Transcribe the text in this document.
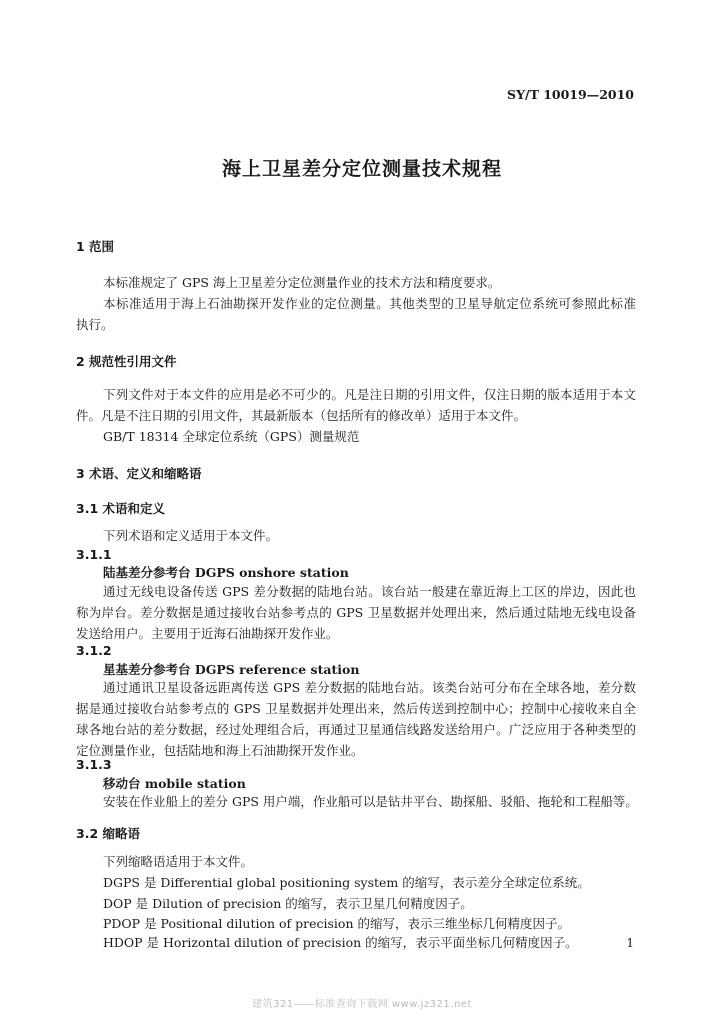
SY/T 10019—2010
海上卫星差分定位测量技术规程
1 范围
本标准规定了 GPS 海上卫星差分定位测量作业的技术方法和精度要求。
本标准适用于海上石油勘探开发作业的定位测量。其他类型的卫星导航定位系统可参照此标准
执行。
2 规范性引用文件
下列文件对于本文件的应用是必不可少的。凡是注日期的引用文件，仅注日期的版本适用于本文
件。凡是不注日期的引用文件，其最新版本（包括所有的修改单）适用于本文件。
GB/T 18314 全球定位系统（GPS）测量规范
3 术语、定义和缩略语
3.1 术语和定义
下列术语和定义适用于本文件。
3.1.1
陆基差分参考台 DGPS onshore station
通过无线电设备传送 GPS 差分数据的陆地台站。该台站一般建在靠近海上工区的岸边，因此也
称为岸台。差分数据是通过接收台站参考点的 GPS 卫星数据并处理出来，然后通过陆地无线电设备
发送给用户。主要用于近海石油勘探开发作业。
3.1.2
星基差分参考台 DGPS reference station
通过通讯卫星设备远距离传送 GPS 差分数据的陆地台站。该类台站可分布在全球各地，差分数
据是通过接收台站参考点的 GPS 卫星数据并处理出来，然后传送到控制中心；控制中心接收来自全
球各地台站的差分数据，经过处理组合后，再通过卫星通信线路发送给用户。广泛应用于各种类型的
定位测量作业，包括陆地和海上石油勘探开发作业。
3.1.3
移动台 mobile station
安装在作业船上的差分 GPS 用户端，作业船可以是钻井平台、勘探船、驳船、拖轮和工程船等。
3.2 缩略语
下列缩略语适用于本文件。
DGPS 是 Differential global positioning system 的缩写，表示差分全球定位系统。
DOP 是 Dilution of precision 的缩写，表示卫星几何精度因子。
PDOP 是 Positional dilution of precision 的缩写，表示三维坐标几何精度因子。
HDOP 是 Horizontal dilution of precision 的缩写，表示平面坐标几何精度因子。	1
建筑321——标准查询下载网 www.jz321.net
